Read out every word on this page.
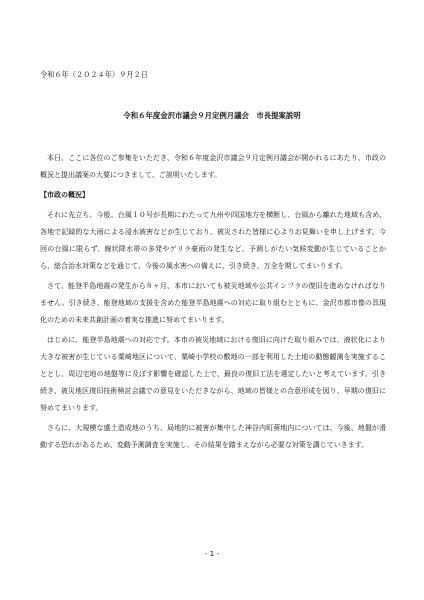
令和６年（２０２４年）９月２日
令和６年度金沢市議会９月定例月議会　市長提案説明

本日、ここに各位のご参集をいただき、令和６年度金沢市議会９月定例月議会が開かれるにあたり、市政の概況と提出議案の大要につきまして、ご説明いたします。

【市政の概況】

それに先立ち、今般、台風１０号が長期にわたって九州や四国地方を横断し、台風から離れた地域も含め、各地で記録的な大雨による浸水被害などが生じており、被災された皆様に心よりお見舞いを申し上げます。今回の台風に限らず、線状降水帯の多発やゲリラ豪雨の発生など、予測しがたい気候変動が生じていることから、総合治水対策などを通じて、今後の風水害への備えに、引き続き、万全を期してまいります。

さて、能登半島地震の発生から８ヶ月、本市においても被災地域や公共インフラの復旧を進めなければなりません。引き続き、能登地域の支援を含めた能登半島地震への対応に取り組むとともに、金沢市都市像の具現化のための未来共創計画の着実な推進に努めてまいります。

はじめに、能登半島地震への対応です。本市の被災地域における復旧に向けた取り組みでは、液状化により大きな被害が生じている粟崎地区について、粟崎小学校の敷地の一部を利用した土地の動態観測を実施することとし、周辺宅地の地盤等に及ぼす影響を確認した上で、最良の復旧工法を選定したいと考えています。引き続き、被災地区復旧技術検討会議での意見をいただきながら、地域の皆様との合意形成を図り、早期の復旧に努めてまいります。

さらに、大規模な盛土造成地のうち、局地的に被害が集中した神谷内町葵地内については、今後、地盤が滑動する恐れがあるため、変動予測調査を実施し、その結果を踏まえながら必要な対策を講じていきます。

- 1 -
